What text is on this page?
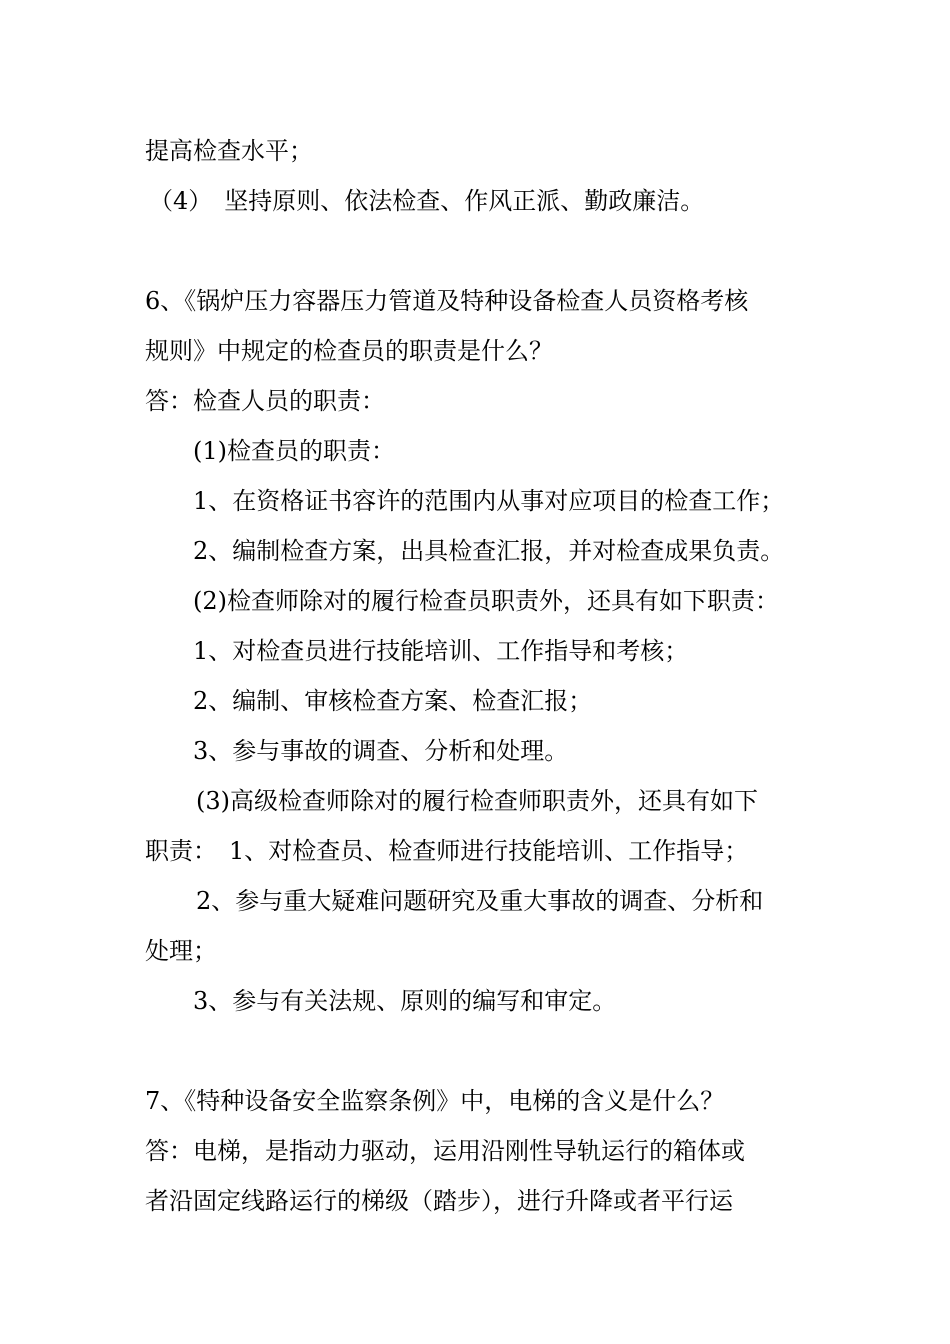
提高检查水平；
（4）　坚持原则、依法检查、作风正派、勤政廉洁。
6、《锅炉压力容器压力管道及特种设备检查人员资格考核
规则》中规定的检查员的职责是什么？
答：检查人员的职责：
(1)检查员的职责：
1、在资格证书容许的范围内从事对应项目的检查工作；
2、编制检查方案，出具检查汇报，并对检查成果负责。
(2)检查师除对的履行检查员职责外，还具有如下职责：
1、对检查员进行技能培训、工作指导和考核；
2、编制、审核检查方案、检查汇报；
3、参与事故的调查、分析和处理。
(3)高级检查师除对的履行检查师职责外，还具有如下
职责：　1、对检查员、检查师进行技能培训、工作指导；
2、参与重大疑难问题研究及重大事故的调查、分析和
处理；
3、参与有关法规、原则的编写和审定。
7、《特种设备安全监察条例》中，电梯的含义是什么？
答：电梯，是指动力驱动，运用沿刚性导轨运行的箱体或
者沿固定线路运行的梯级（踏步），进行升降或者平行运
